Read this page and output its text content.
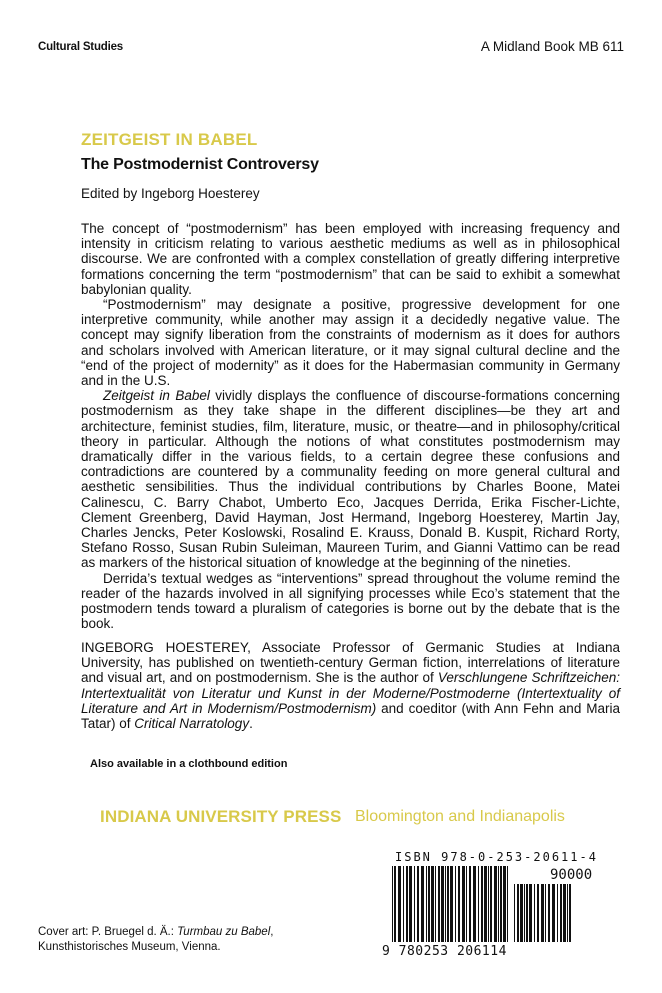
Cultural Studies	A Midland Book MB 611
ZEITGEIST IN BABEL
The Postmodernist Controversy
Edited by Ingeborg Hoesterey

The concept of “postmodernism” has been employed with increasing frequency and intensity in criticism relating to various aesthetic mediums as well as in philosophical discourse. We are confronted with a complex constellation of greatly differing interpretive formations concerning the term “postmodernism” that can be said to exhibit a somewhat babylonian quality.

“Postmodernism” may designate a positive, progressive development for one interpretive community, while another may assign it a decidedly negative value. The concept may signify liberation from the constraints of modernism as it does for authors and scholars involved with American literature, or it may signal cultural decline and the “end of the project of modernity” as it does for the Habermasian community in Germany and in the U.S.

Zeitgeist in Babel vividly displays the confluence of discourse-formations concerning postmodernism as they take shape in the different disciplines—be they art and architecture, feminist studies, film, literature, music, or theatre—and in philosophy/critical theory in particular. Although the notions of what constitutes postmodernism may dramatically differ in the various fields, to a certain degree these confusions and contradictions are countered by a communality feeding on more general cultural and aesthetic sensibilities. Thus the individual contributions by Charles Boone, Matei Calinescu, C. Barry Chabot, Umberto Eco, Jacques Derrida, Erika Fischer-Lichte, Clement Greenberg, David Hayman, Jost Hermand, Ingeborg Hoesterey, Martin Jay, Charles Jencks, Peter Koslowski, Rosalind E. Krauss, Donald B. Kuspit, Richard Rorty, Stefano Rosso, Susan Rubin Suleiman, Maureen Turim, and Gianni Vattimo can be read as markers of the historical situation of knowledge at the beginning of the nineties.

Derrida’s textual wedges as “interventions” spread throughout the volume remind the reader of the hazards involved in all signifying processes while Eco’s statement that the postmodern tends toward a pluralism of categories is borne out by the debate that is the book.

INGEBORG HOESTEREY, Associate Professor of Germanic Studies at Indiana University, has published on twentieth-century German fiction, interrelations of literature and visual art, and on postmodernism. She is the author of Verschlungene Schriftzeichen: Intertextualität von Literatur und Kunst in der Moderne/Postmoderne (Intertextuality of Literature and Art in Modernism/Postmodernism) and coeditor (with Ann Fehn and Maria Tatar) of Critical Narratology.

Also available in a clothbound edition
INDIANA UNIVERSITY PRESS Bloomington and Indianapolis
ISBN 978-0-253-20611-4
90000
9 780253 206114
Cover art: P. Bruegel d. Ä.: Turmbau zu Babel,
Kunsthistorisches Museum, Vienna.
